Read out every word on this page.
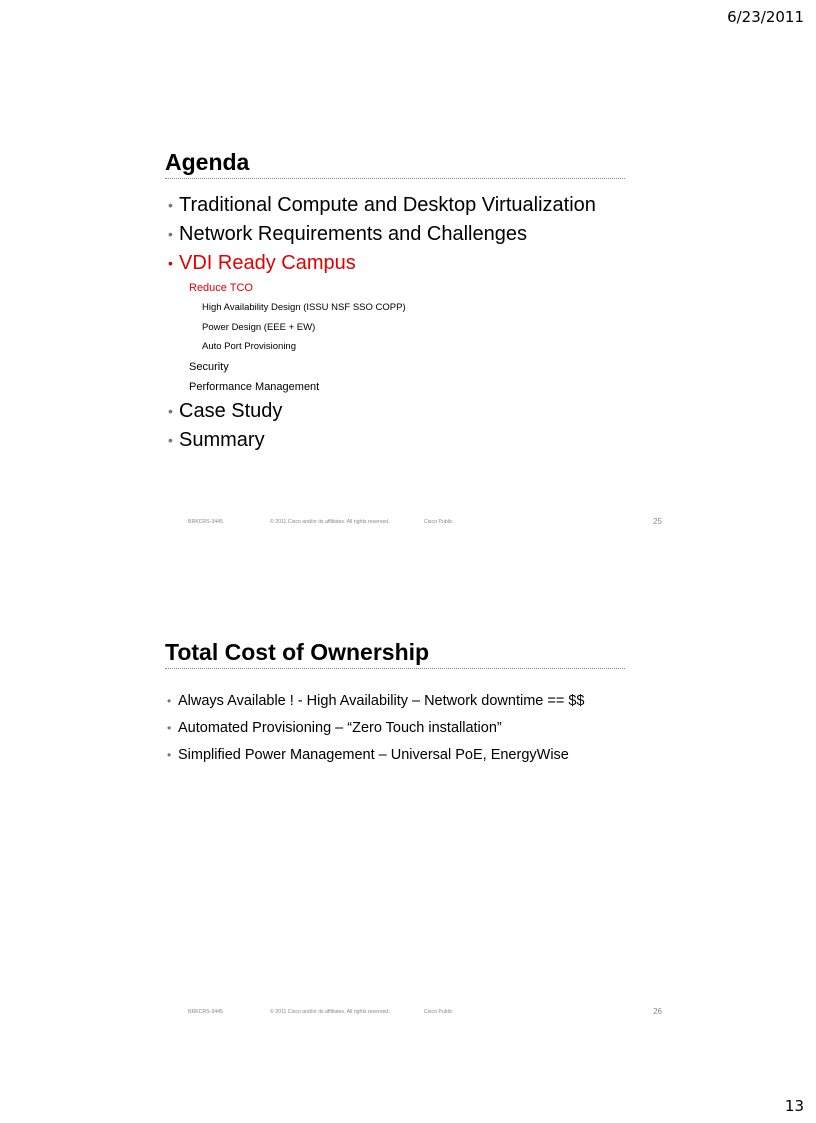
6/23/2011
Agenda
• Traditional Compute and Desktop Virtualization
• Network Requirements and Challenges
• VDI Ready Campus
Reduce TCO
High Availability Design (ISSU NSF SSO COPP)
Power Design (EEE + EW)
Auto Port Provisioning
Security
Performance Management
• Case Study
• Summary
BRKCRS-3445	© 2011 Cisco and/or its affiliates. All rights reserved.	Cisco Public	25
Total Cost of Ownership
• Always Available ! - High Availability – Network downtime == $$
• Automated Provisioning – “Zero Touch installation”
• Simplified Power Management – Universal PoE, EnergyWise
BRKCRS-3445	© 2011 Cisco and/or its affiliates. All rights reserved.	Cisco Public	26
13
